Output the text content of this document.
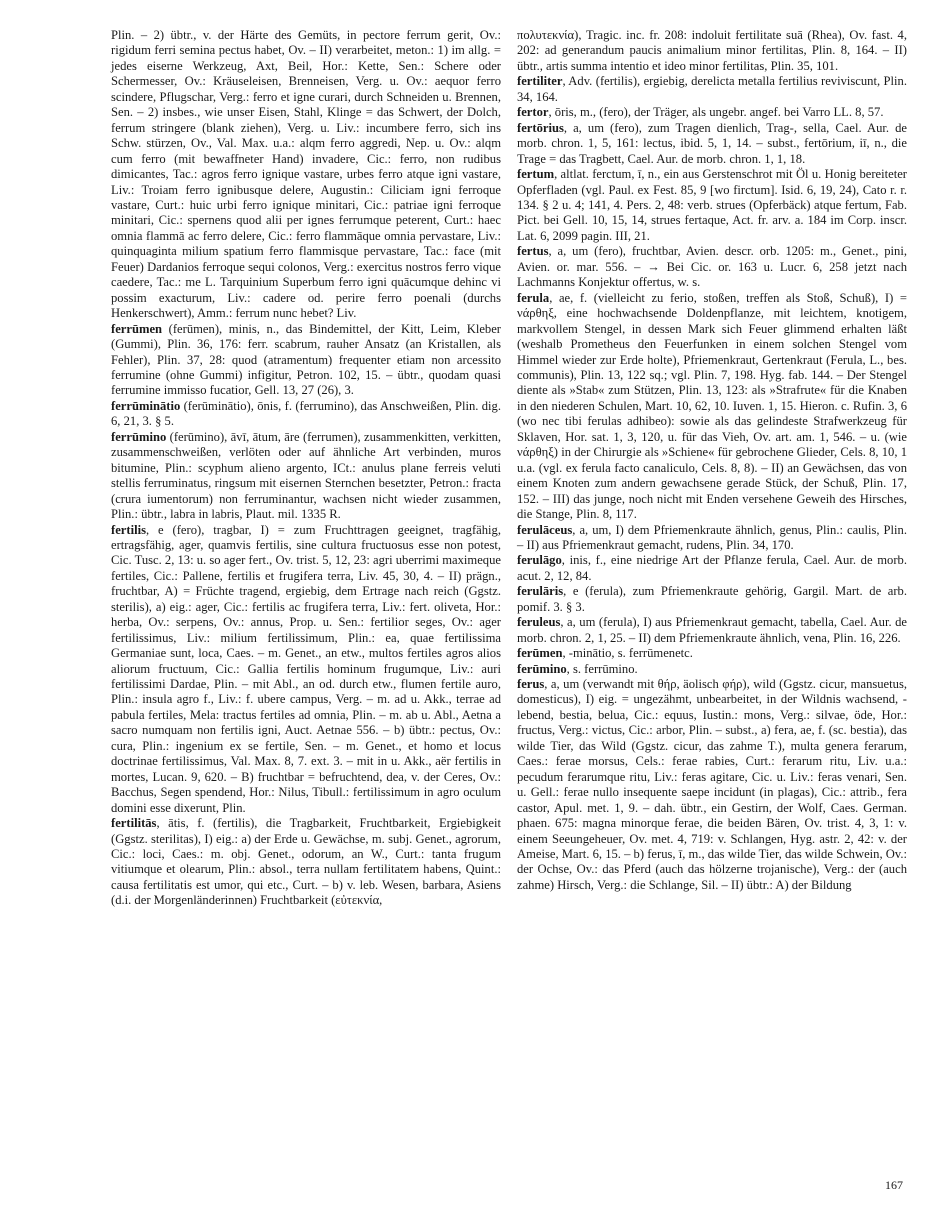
Plin. – 2) übtr., v. der Härte des Gemüts, in pectore ferrum gerit, Ov.: rigidum ferri semina pectus habet, Ov. – II) verarbeitet, meton.: 1) im allg. = jedes eiserne Werkzeug, Axt, Beil, Hor.: Kette, Sen.: Schere oder Schermesser, Ov.: Kräuseleisen, Brenneisen, Verg. u. Ov.: aequor ferro scindere, Pflugschar, Verg.: ferro et igne curari, durch Schneiden u. Brennen, Sen. – 2) insbes., wie unser Eisen, Stahl, Klinge = das Schwert, der Dolch, ferrum stringere (blank ziehen), Verg. u. Liv.: incumbere ferro, sich ins Schw. stürzen, Ov., Val. Max. u.a.: alqm ferro aggredi, Nep. u. Ov.: alqm cum ferro (mit bewaffneter Hand) invadere, Cic.: ferro, non rudibus dimicantes, Tac.: agros ferro ignique vastare, urbes ferro atque igni vastare, Liv.: Troiam ferro ignibusque delere, Augustin.: Ciliciam igni ferroque vastare, Curt.: huic urbi ferro ignique minitari, Cic.: patriae igni ferroque minitari, Cic.: spernens quod alii per ignes ferrumque peterent, Curt.: haec omnia flammā ac ferro delere, Cic.: ferro flammāque omnia pervastare, Liv.: quinquaginta milium spatium ferro flammisque pervastare, Tac.: face (mit Feuer) Dardanios ferroque sequi colonos, Verg.: exercitus nostros ferro vique caedere, Tac.: me L. Tarquinium Superbum ferro igni quācumque dehinc vi possim exacturum, Liv.: cadere od. perire ferro poenali (durchs Henkerschwert), Amm.: ferrum nunc hebet? Liv.

ferrūmen (ferūmen), minis, n., das Bindemittel, der Kitt, Leim, Kleber (Gummi), Plin. 36, 176: ferr. scabrum, rauher Ansatz (an Kristallen, als Fehler), Plin. 37, 28: quod (atramentum) frequenter etiam non arcessito ferrumine (ohne Gummi) infigitur, Petron. 102, 15. – übtr., quodam quasi ferrumine immisso fucatior, Gell. 13, 27 (26), 3.

ferrūminātio (ferūminātio), ōnis, f. (ferrumino), das Anschweißen, Plin. dig. 6, 21, 3. § 5.

ferrūmino (ferūmino), āvī, ātum, āre (ferrumen), zusammenkitten, verkitten, zusammenschweißen, verlöten oder auf ähnliche Art verbinden, muros bitumine, Plin.: scyphum alieno argento, ICt.: anulus plane ferreis veluti stellis ferruminatus, ringsum mit eisernen Sternchen besetzter, Petron.: fracta (crura iumentorum) non ferruminantur, wachsen nicht wieder zusammen, Plin.: übtr., labra in labris, Plaut. mil. 1335 R.

fertilis, e (fero), tragbar, I) = zum Fruchttragen geeignet, tragfähig, ertragsfähig, ager, quamvis fertilis, sine cultura fructuosus esse non potest, Cic. Tusc. 2, 13: u. so ager fert., Ov. trist. 5, 12, 23: agri uberrimi maximeque fertiles, Cic.: Pallene, fertilis et frugifera terra, Liv. 45, 30, 4. – II) prägn., fruchtbar, A) = Früchte tragend, ergiebig, dem Ertrage nach reich (Ggstz. sterilis), a) eig.: ager, Cic.: fertilis ac frugifera terra, Liv.: fert. oliveta, Hor.: herba, Ov.: serpens, Ov.: annus, Prop. u. Sen.: fertilior seges, Ov.: ager fertilissimus, Liv.: milium fertilissimum, Plin.: ea, quae fertilissima Germaniae sunt, loca, Caes. – m. Genet., an etw., multos fertiles agros alios aliorum fructuum, Cic.: Gallia fertilis hominum frugumque, Liv.: auri fertilissimi Dardae, Plin. – mit Abl., an od. durch etw., flumen fertile auro, Plin.: insula agro f., Liv.: f. ubere campus, Verg. – m. ad u. Akk., terrae ad pabula fertiles, Mela: tractus fertiles ad omnia, Plin. – m. ab u. Abl., Aetna a sacro numquam non fertilis igni, Auct. Aetnae 556. – b) übtr.: pectus, Ov.: cura, Plin.: ingenium ex se fertile, Sen. – m. Genet., et homo et locus doctrinae fertilissimus, Val. Max. 8, 7. ext. 3. – mit in u. Akk., aër fertilis in mortes, Lucan. 9, 620. – B) fruchtbar = befruchtend, dea, v. der Ceres, Ov.: Bacchus, Segen spendend, Hor.: Nilus, Tibull.: fertilissimum in agro oculum domini esse dixerunt, Plin.

fertilitās, ātis, f. (fertilis), die Tragbarkeit, Fruchtbarkeit, Ergiebigkeit (Ggstz. sterilitas), I) eig.: a) der Erde u. Gewächse, m. subj. Genet., agrorum, Cic.: loci, Caes.: m. obj. Genet., odorum, an W., Curt.: tanta frugum vitiumque et olearum, Plin.: absol., terra nullam fertilitatem habens, Quint.: causa fertilitatis est umor, qui etc., Curt. – b) v. leb. Wesen, barbara, Asiens (d.i. der Morgenländerinnen) Fruchtbarkeit (εὐτεκνία,

πολυτεκνία), Tragic. inc. fr. 208: indoluit fertilitate suā (Rhea), Ov. fast. 4, 202: ad generandum paucis animalium minor fertilitas, Plin. 8, 164. – II) übtr., artis summa intentio et ideo minor fertilitas, Plin. 35, 101.

fertiliter, Adv. (fertilis), ergiebig, derelicta metalla fertilius reviviscunt, Plin. 34, 164.

fertor, ōris, m., (fero), der Träger, als ungebr. angef. bei Varro LL. 8, 57.

fertōrius, a, um (fero), zum Tragen dienlich, Trag-, sella, Cael. Aur. de morb. chron. 1, 5, 161: lectus, ibid. 5, 1, 14. – subst., fertōrium, iī, n., die Trage = das Tragbett, Cael. Aur. de morb. chron. 1, 1, 18.

fertum, altlat. ferctum, ī, n., ein aus Gerstenschrot mit Öl u. Honig bereiteter Opferfladen (vgl. Paul. ex Fest. 85, 9 [wo firctum]. Isid. 6, 19, 24), Cato r. r. 134. § 2 u. 4; 141, 4. Pers. 2, 48: verb. strues (Opferbäck) atque fertum, Fab. Pict. bei Gell. 10, 15, 14, strues fertaque, Act. fr. arv. a. 184 im Corp. inscr. Lat. 6, 2099 pagin. III, 21.

fertus, a, um (fero), fruchtbar, Avien. descr. orb. 1205: m., Genet., pini, Avien. or. mar. 556. – → Bei Cic. or. 163 u. Lucr. 6, 258 jetzt nach Lachmanns Konjektur offertus, w. s.

ferula, ae, f. (vielleicht zu ferio, stoßen, treffen als Stoß, Schuß), I) = νάρθηξ, eine hochwachsende Doldenpflanze, mit leichtem, knotigem, markvollem Stengel, in dessen Mark sich Feuer glimmend erhalten läßt (weshalb Prometheus den Feuerfunken in einem solchen Stengel vom Himmel wieder zur Erde holte), Pfriemenkraut, Gertenkraut (Ferula, L., bes. communis), Plin. 13, 122 sq.; vgl. Plin. 7, 198. Hyg. fab. 144. – Der Stengel diente als »Stab« zum Stützen, Plin. 13, 123: als »Strafrute« für die Knaben in den niederen Schulen, Mart. 10, 62, 10. Iuven. 1, 15. Hieron. c. Rufin. 3, 6 (wo nec tibi ferulas adhibeo): sowie als das gelindeste Strafwerkzeug für Sklaven, Hor. sat. 1, 3, 120, u. für das Vieh, Ov. art. am. 1, 546. – u. (wie νάρθηξ) in der Chirurgie als »Schiene« für gebrochene Glieder, Cels. 8, 10, 1 u.a. (vgl. ex ferula facto canaliculo, Cels. 8, 8). – II) an Gewächsen, das von einem Knoten zum andern gewachsene gerade Stück, der Schuß, Plin. 17, 152. – III) das junge, noch nicht mit Enden versehene Geweih des Hirsches, die Stange, Plin. 8, 117.

ferulāceus, a, um, I) dem Pfriemenkraute ähnlich, genus, Plin.: caulis, Plin. – II) aus Pfriemenkraut gemacht, rudens, Plin. 34, 170.

ferulāgo, inis, f., eine niedrige Art der Pflanze ferula, Cael. Aur. de morb. acut. 2, 12, 84.

ferulāris, e (ferula), zum Pfriemenkraute gehörig, Gargil. Mart. de arb. pomif. 3. § 3.

feruleus, a, um (ferula), I) aus Pfriemenkraut gemacht, tabella, Cael. Aur. de morb. chron. 2, 1, 25. – II) dem Pfriemenkraute ähnlich, vena, Plin. 16, 226.

ferūmen, -minātio, s. ferrūmenetc.

ferūmino, s. ferrūmino.

ferus, a, um (verwandt mit θήρ, äolisch φήρ), wild (Ggstz. cicur, mansuetus, domesticus), I) eig. = ungezähmt, unbearbeitet, in der Wildnis wachsend, -lebend, bestia, belua, Cic.: equus, Iustin.: mons, Verg.: silvae, öde, Hor.: fructus, Verg.: victus, Cic.: arbor, Plin. – subst., a) fera, ae, f. (sc. bestia), das wilde Tier, das Wild (Ggstz. cicur, das zahme T.), multa genera ferarum, Caes.: ferae morsus, Cels.: ferae rabies, Curt.: ferarum ritu, Liv. u.a.: pecudum ferarumque ritu, Liv.: feras agitare, Cic. u. Liv.: feras venari, Sen. u. Gell.: ferae nullo insequente saepe incidunt (in plagas), Cic.: attrib., fera castor, Apul. met. 1, 9. – dah. übtr., ein Gestirn, der Wolf, Caes. German. phaen. 675: magna minorque ferae, die beiden Bären, Ov. trist. 4, 3, 1: v. einem Seeungeheuer, Ov. met. 4, 719: v. Schlangen, Hyg. astr. 2, 42: v. der Ameise, Mart. 6, 15. – b) ferus, ī, m., das wilde Tier, das wilde Schwein, Ov.: der Ochse, Ov.: das Pferd (auch das hölzerne trojanische), Verg.: der (auch zahme) Hirsch, Verg.: die Schlange, Sil. – II) übtr.: A) der Bildung

167
